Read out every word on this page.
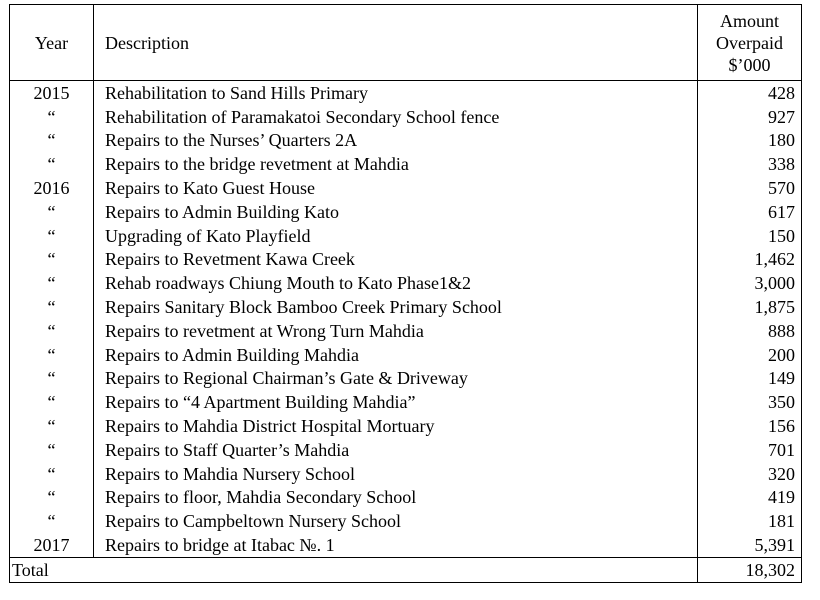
Year	Description	Amount
Overpaid
$’000
2015	Rehabilitation to Sand Hills Primary	428
“	Rehabilitation of Paramakatoi Secondary School fence	927
“	Repairs to the Nurses’ Quarters 2A	180
“	Repairs to the bridge revetment at Mahdia	338
2016	Repairs to Kato Guest House	570
“	Repairs to Admin Building Kato	617
“	Upgrading of Kato Playfield	150
“	Repairs to Revetment Kawa Creek	1,462
“	Rehab roadways Chiung Mouth to Kato Phase1&2	3,000
“	Repairs Sanitary Block Bamboo Creek Primary School	1,875
“	Repairs to revetment at Wrong Turn Mahdia	888
“	Repairs to Admin Building Mahdia	200
“	Repairs to Regional Chairman’s Gate & Driveway	149
“	Repairs to “4 Apartment Building Mahdia”	350
“	Repairs to Mahdia District Hospital Mortuary	156
“	Repairs to Staff Quarter’s Mahdia	701
“	Repairs to Mahdia Nursery School	320
“	Repairs to floor, Mahdia Secondary School	419
“	Repairs to Campbeltown Nursery School	181
2017	Repairs to bridge at Itabac №. 1	5,391
Total		18,302
